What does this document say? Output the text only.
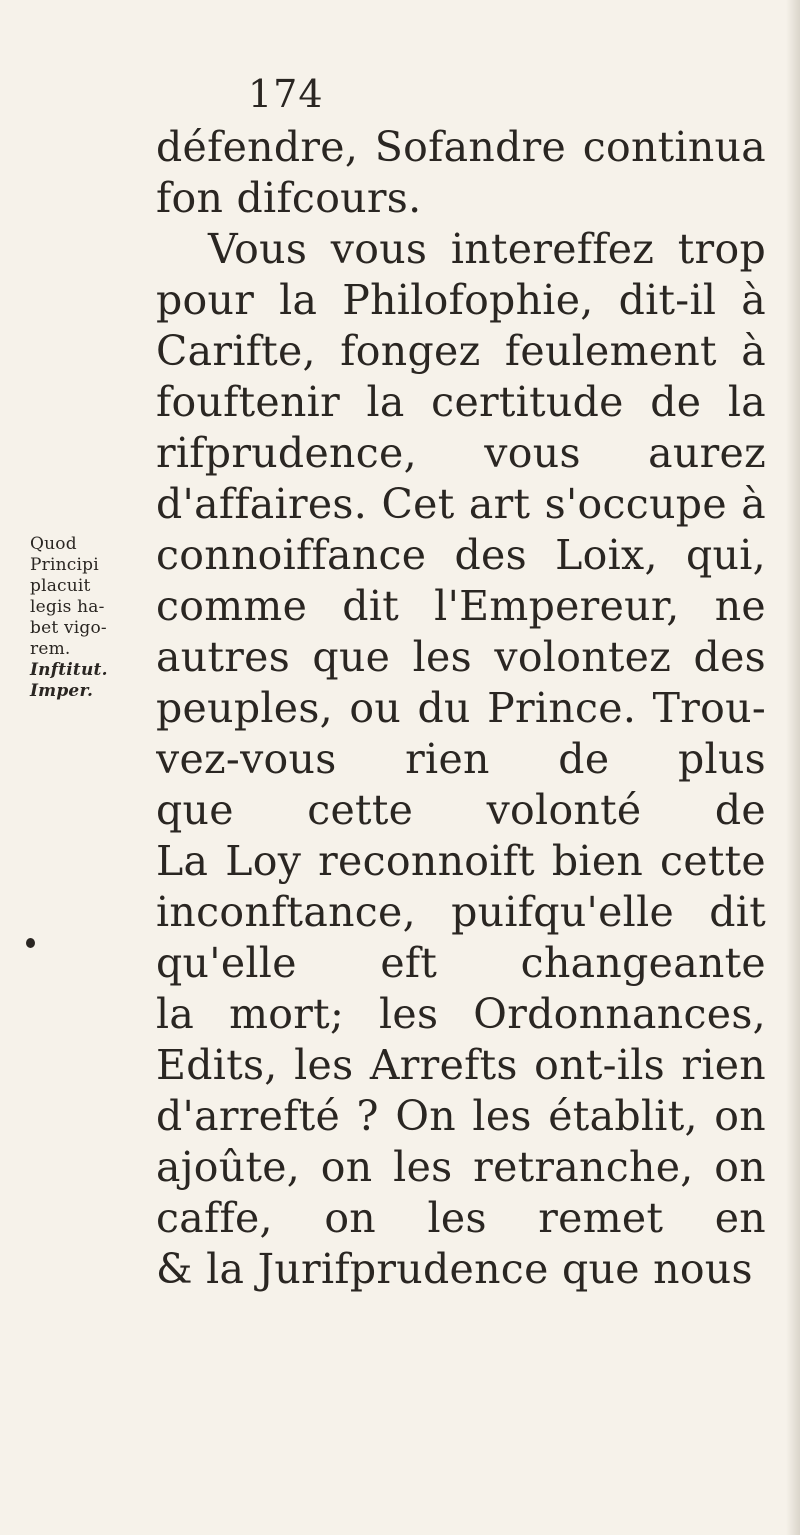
174
défendre, Sofandre continua
fon difcours.
Vous vous intereffez trop
pour la Philofophie, dit-il à
Carifte, fongez feulement à
fouftenir la certitude de la
rifprudence, vous aurez
d'affaires. Cet art s'occupe à
connoiffance des Loix, qui,
comme dit l'Empereur, ne
autres que les volontez des
peuples, ou du Prince. Trou-
vez-vous rien de plus
que cette volonté de
La Loy reconnoift bien cette
inconftance, puifqu'elle dit
qu'elle eft changeante
la mort; les Ordonnances,
Edits, les Arrefts ont-ils rien
d'arrefté ? On les établit, on
ajoûte, on les retranche, on
caffe, on les remet en
& la Jurifprudence que nous
Quod
Principi
placuit
legis ha-
bet vigo-
rem.
Inftitut.
Imper.
